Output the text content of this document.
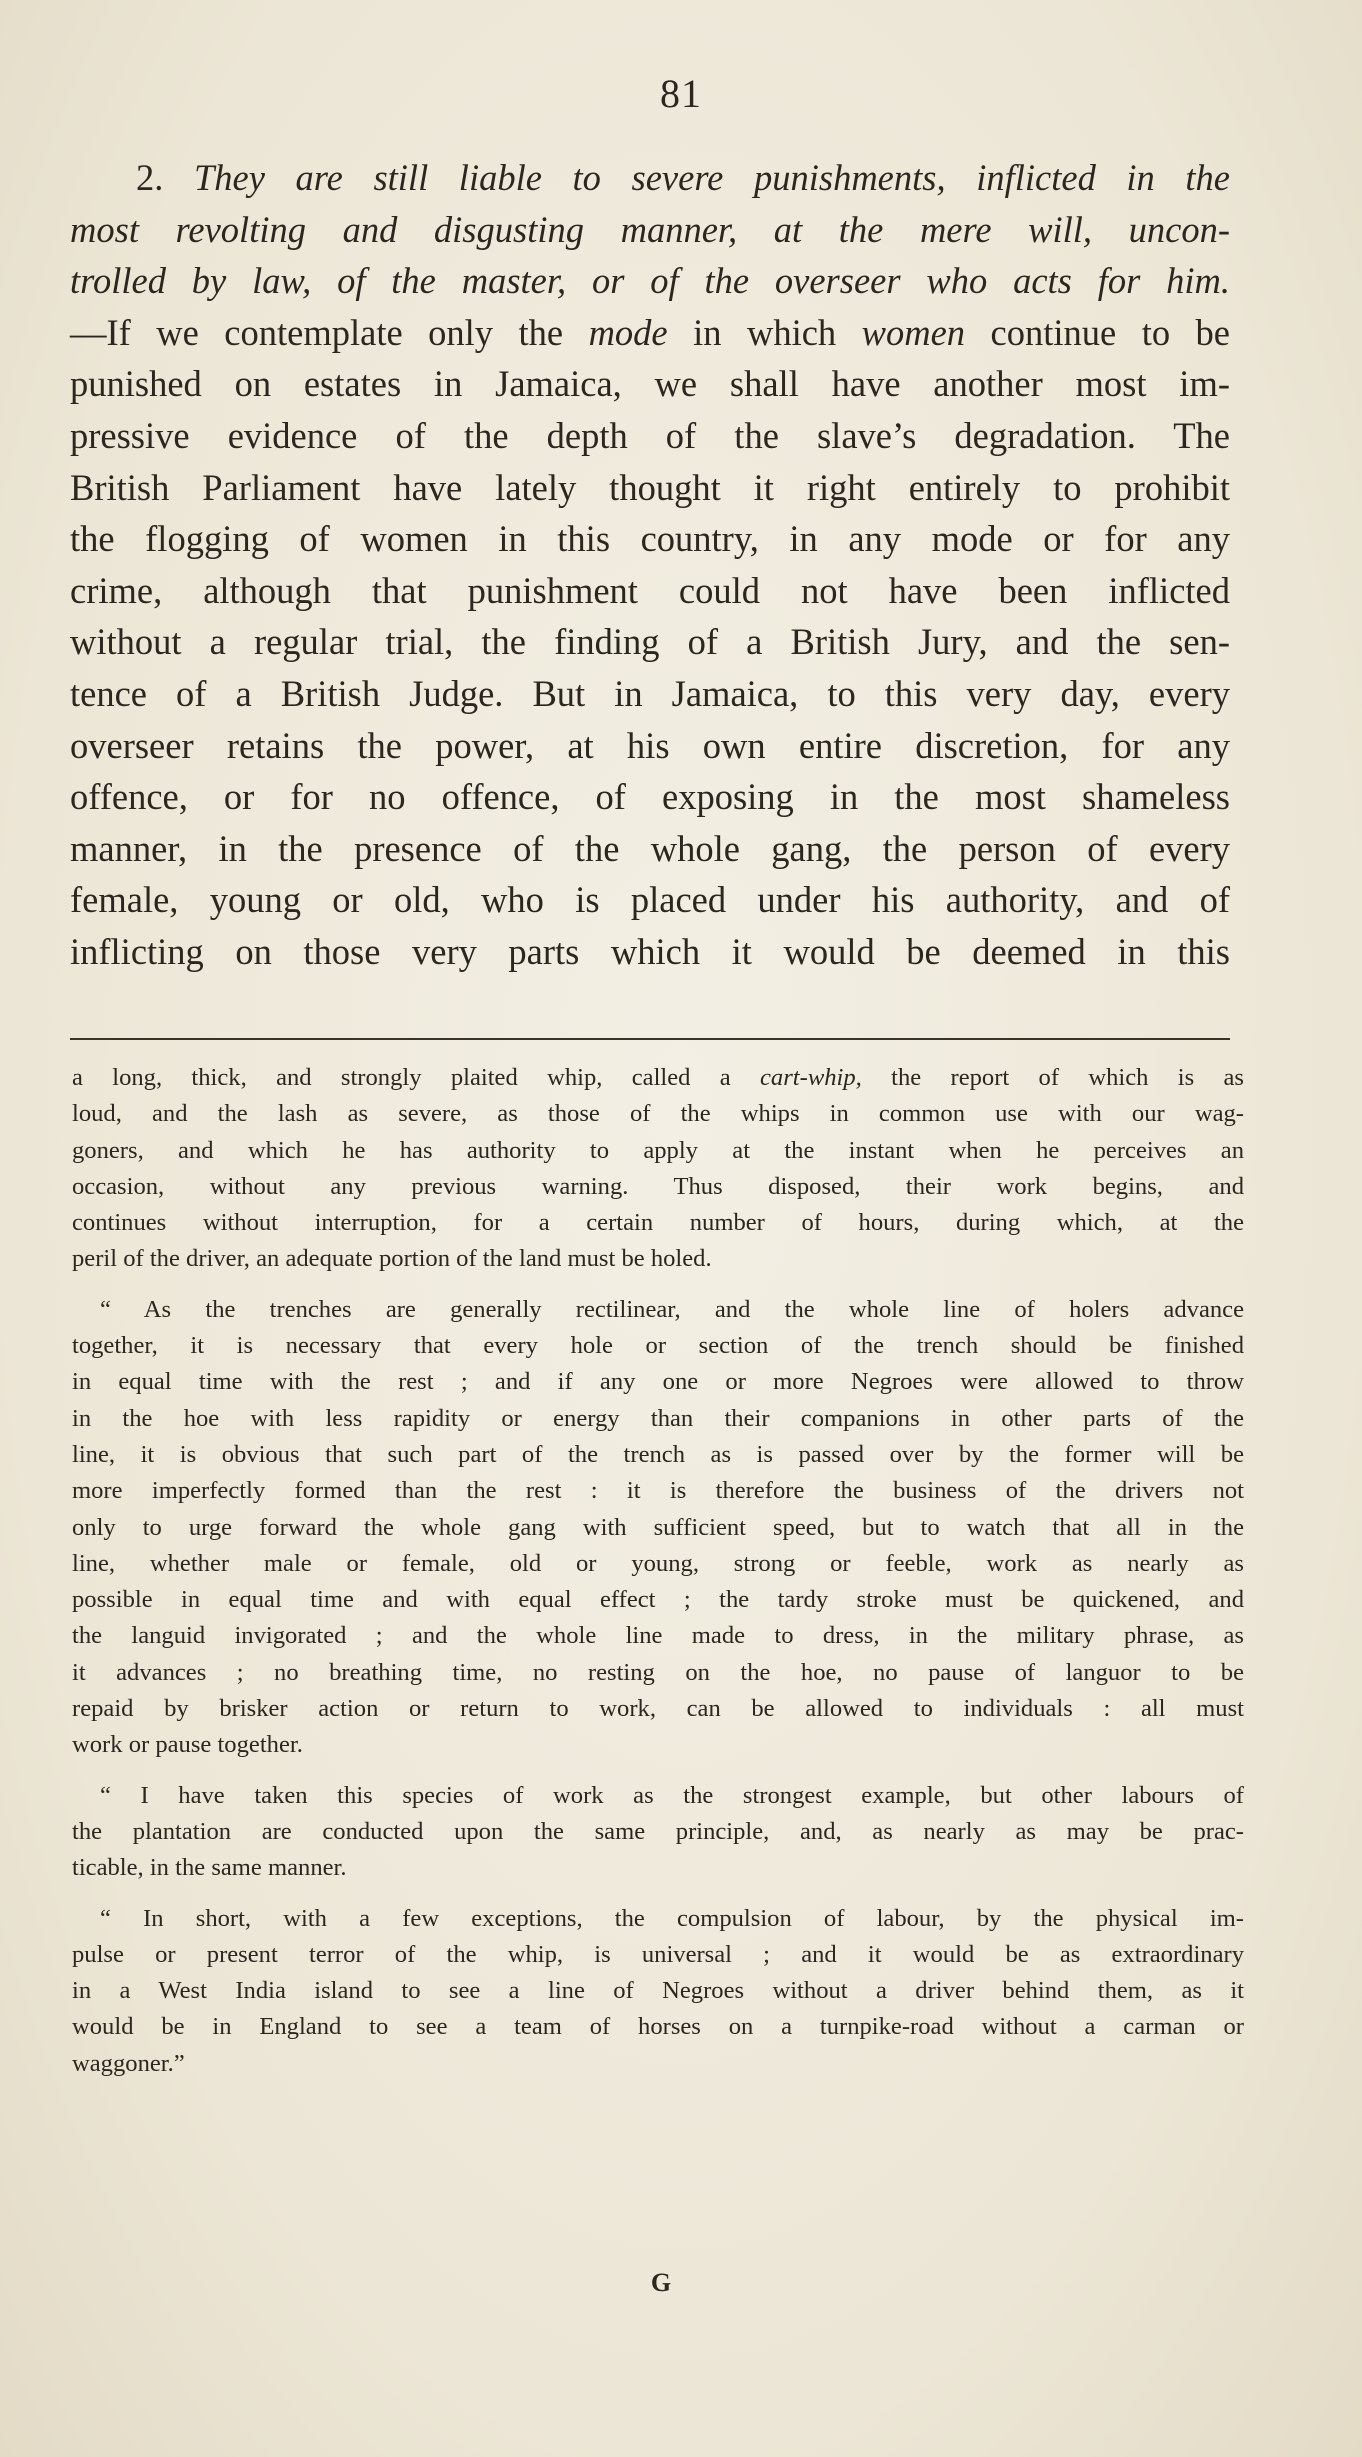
81
2. They are still liable to severe punishments, inflicted in the
most revolting and disgusting manner, at the mere will, uncon-
trolled by law, of the master, or of the overseer who acts for him.
—If we contemplate only the mode in which women continue to be
punished on estates in Jamaica, we shall have another most im-
pressive evidence of the depth of the slave’s degradation. The
British Parliament have lately thought it right entirely to prohibit
the flogging of women in this country, in any mode or for any
crime, although that punishment could not have been inflicted
without a regular trial, the finding of a British Jury, and the sen-
tence of a British Judge. But in Jamaica, to this very day, every
overseer retains the power, at his own entire discretion, for any
offence, or for no offence, of exposing in the most shameless
manner, in the presence of the whole gang, the person of every
female, young or old, who is placed under his authority, and of
inflicting on those very parts which it would be deemed in this
a long, thick, and strongly plaited whip, called a cart-whip, the report of which is as
loud, and the lash as severe, as those of the whips in common use with our wag-
goners, and which he has authority to apply at the instant when he perceives an
occasion, without any previous warning. Thus disposed, their work begins, and
continues without interruption, for a certain number of hours, during which, at the
peril of the driver, an adequate portion of the land must be holed.
“ As the trenches are generally rectilinear, and the whole line of holers advance
together, it is necessary that every hole or section of the trench should be finished
in equal time with the rest ; and if any one or more Negroes were allowed to throw
in the hoe with less rapidity or energy than their companions in other parts of the
line, it is obvious that such part of the trench as is passed over by the former will be
more imperfectly formed than the rest : it is therefore the business of the drivers not
only to urge forward the whole gang with sufficient speed, but to watch that all in the
line, whether male or female, old or young, strong or feeble, work as nearly as
possible in equal time and with equal effect ; the tardy stroke must be quickened, and
the languid invigorated ; and the whole line made to dress, in the military phrase, as
it advances ; no breathing time, no resting on the hoe, no pause of languor to be
repaid by brisker action or return to work, can be allowed to individuals : all must
work or pause together.
“ I have taken this species of work as the strongest example, but other labours of
the plantation are conducted upon the same principle, and, as nearly as may be prac-
ticable, in the same manner.
“ In short, with a few exceptions, the compulsion of labour, by the physical im-
pulse or present terror of the whip, is universal ; and it would be as extraordinary
in a West India island to see a line of Negroes without a driver behind them, as it
would be in England to see a team of horses on a turnpike-road without a carman or
waggoner.”
G
